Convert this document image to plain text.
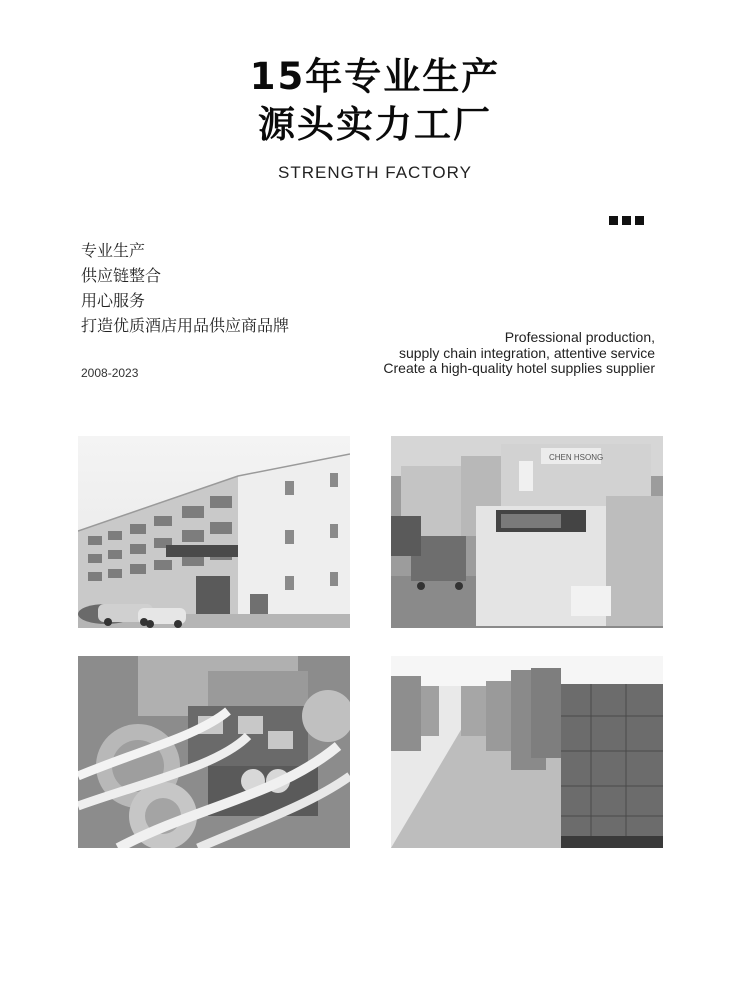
15年专业生产
源头实力工厂
STRENGTH FACTORY
专业生产
供应链整合
用心服务
打造优质酒店用品供应商品牌
Professional production,
supply chain integration, attentive service
Create a high-quality hotel supplies supplier
2008-2023
CHEN HSONG
